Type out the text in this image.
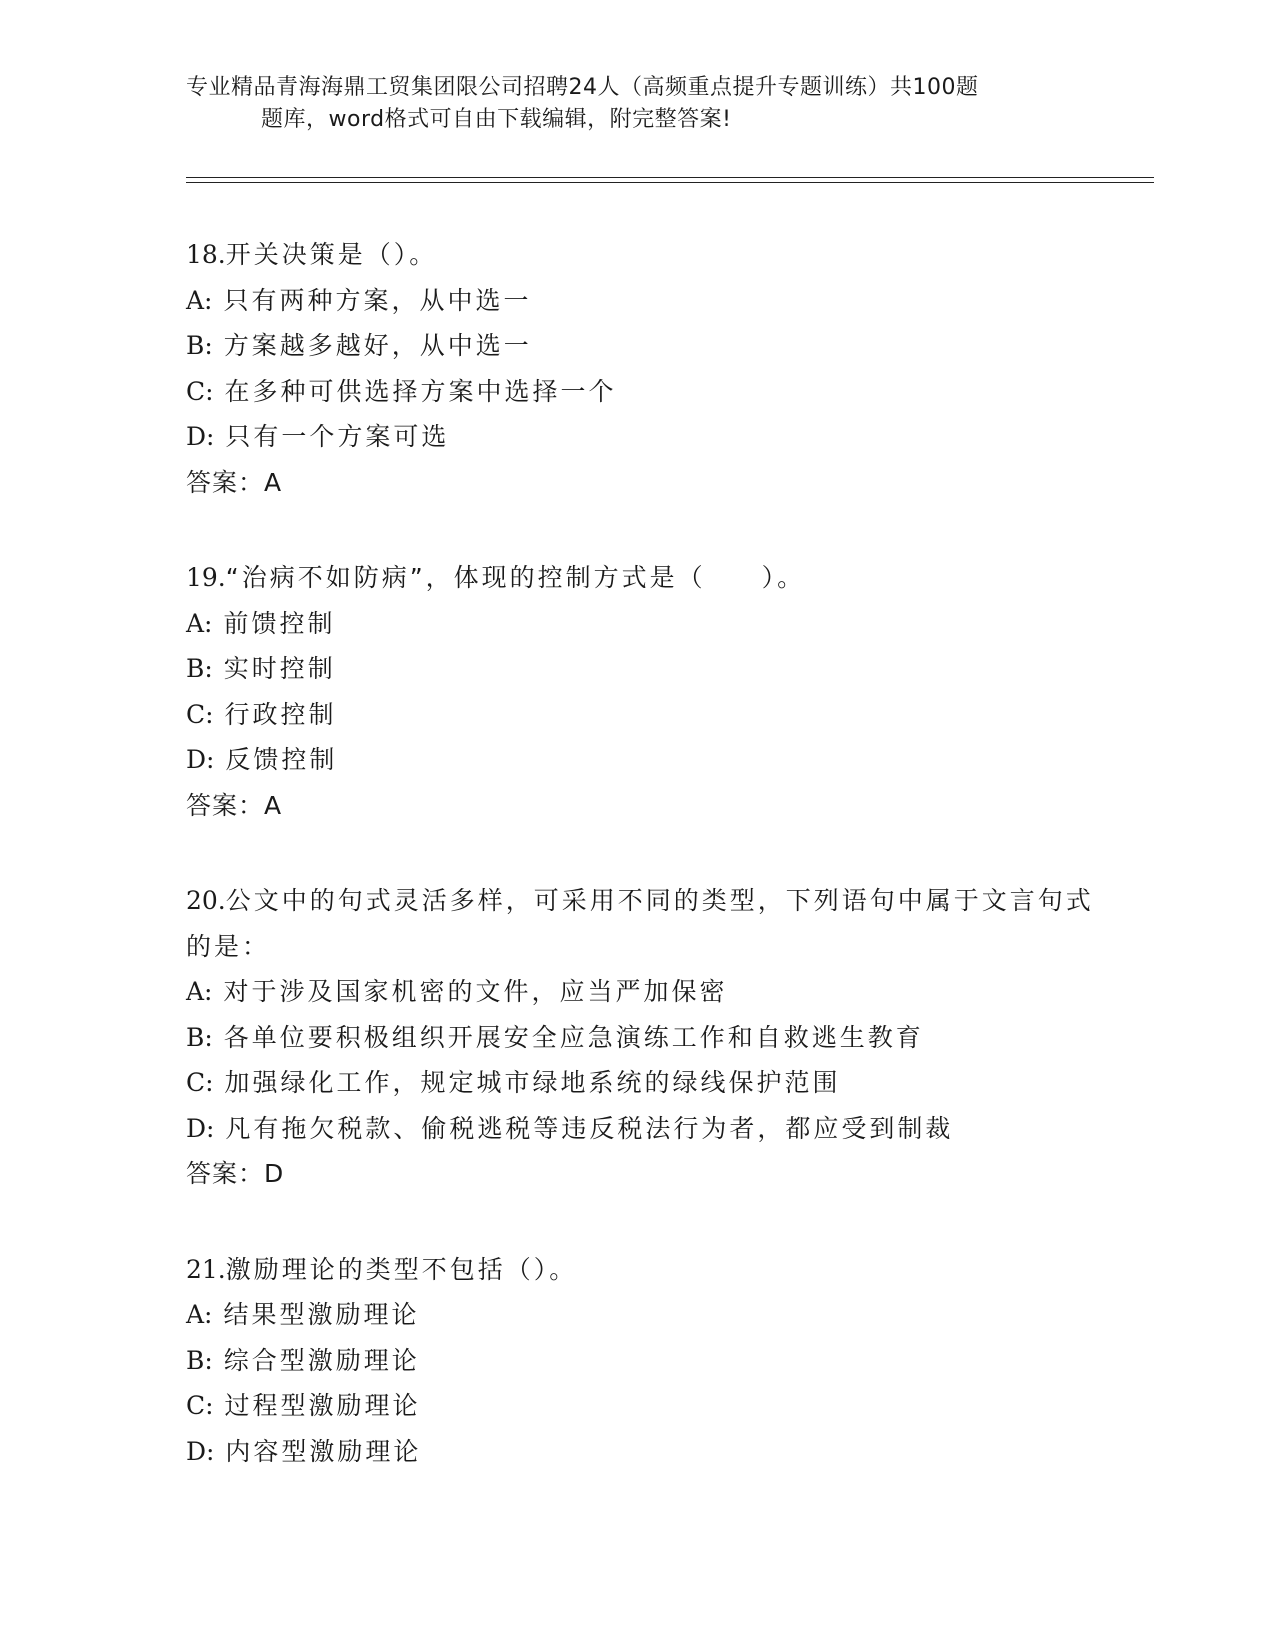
专业精品青海海鼎工贸集团限公司招聘24人（高频重点提升专题训练）共100题
题库，word格式可自由下载编辑，附完整答案!
18.开关决策是（）。
A: 只有两种方案，从中选一
B: 方案越多越好，从中选一
C: 在多种可供选择方案中选择一个
D: 只有一个方案可选
答案：A
19.“治病不如防病”，体现的控制方式是（　　）。
A: 前馈控制
B: 实时控制
C: 行政控制
D: 反馈控制
答案：A
20.公文中的句式灵活多样，可采用不同的类型，下列语句中属于文言句式的是：
A: 对于涉及国家机密的文件，应当严加保密
B: 各单位要积极组织开展安全应急演练工作和自救逃生教育
C: 加强绿化工作，规定城市绿地系统的绿线保护范围
D: 凡有拖欠税款、偷税逃税等违反税法行为者，都应受到制裁
答案：D
21.激励理论的类型不包括（）。
A: 结果型激励理论
B: 综合型激励理论
C: 过程型激励理论
D: 内容型激励理论
